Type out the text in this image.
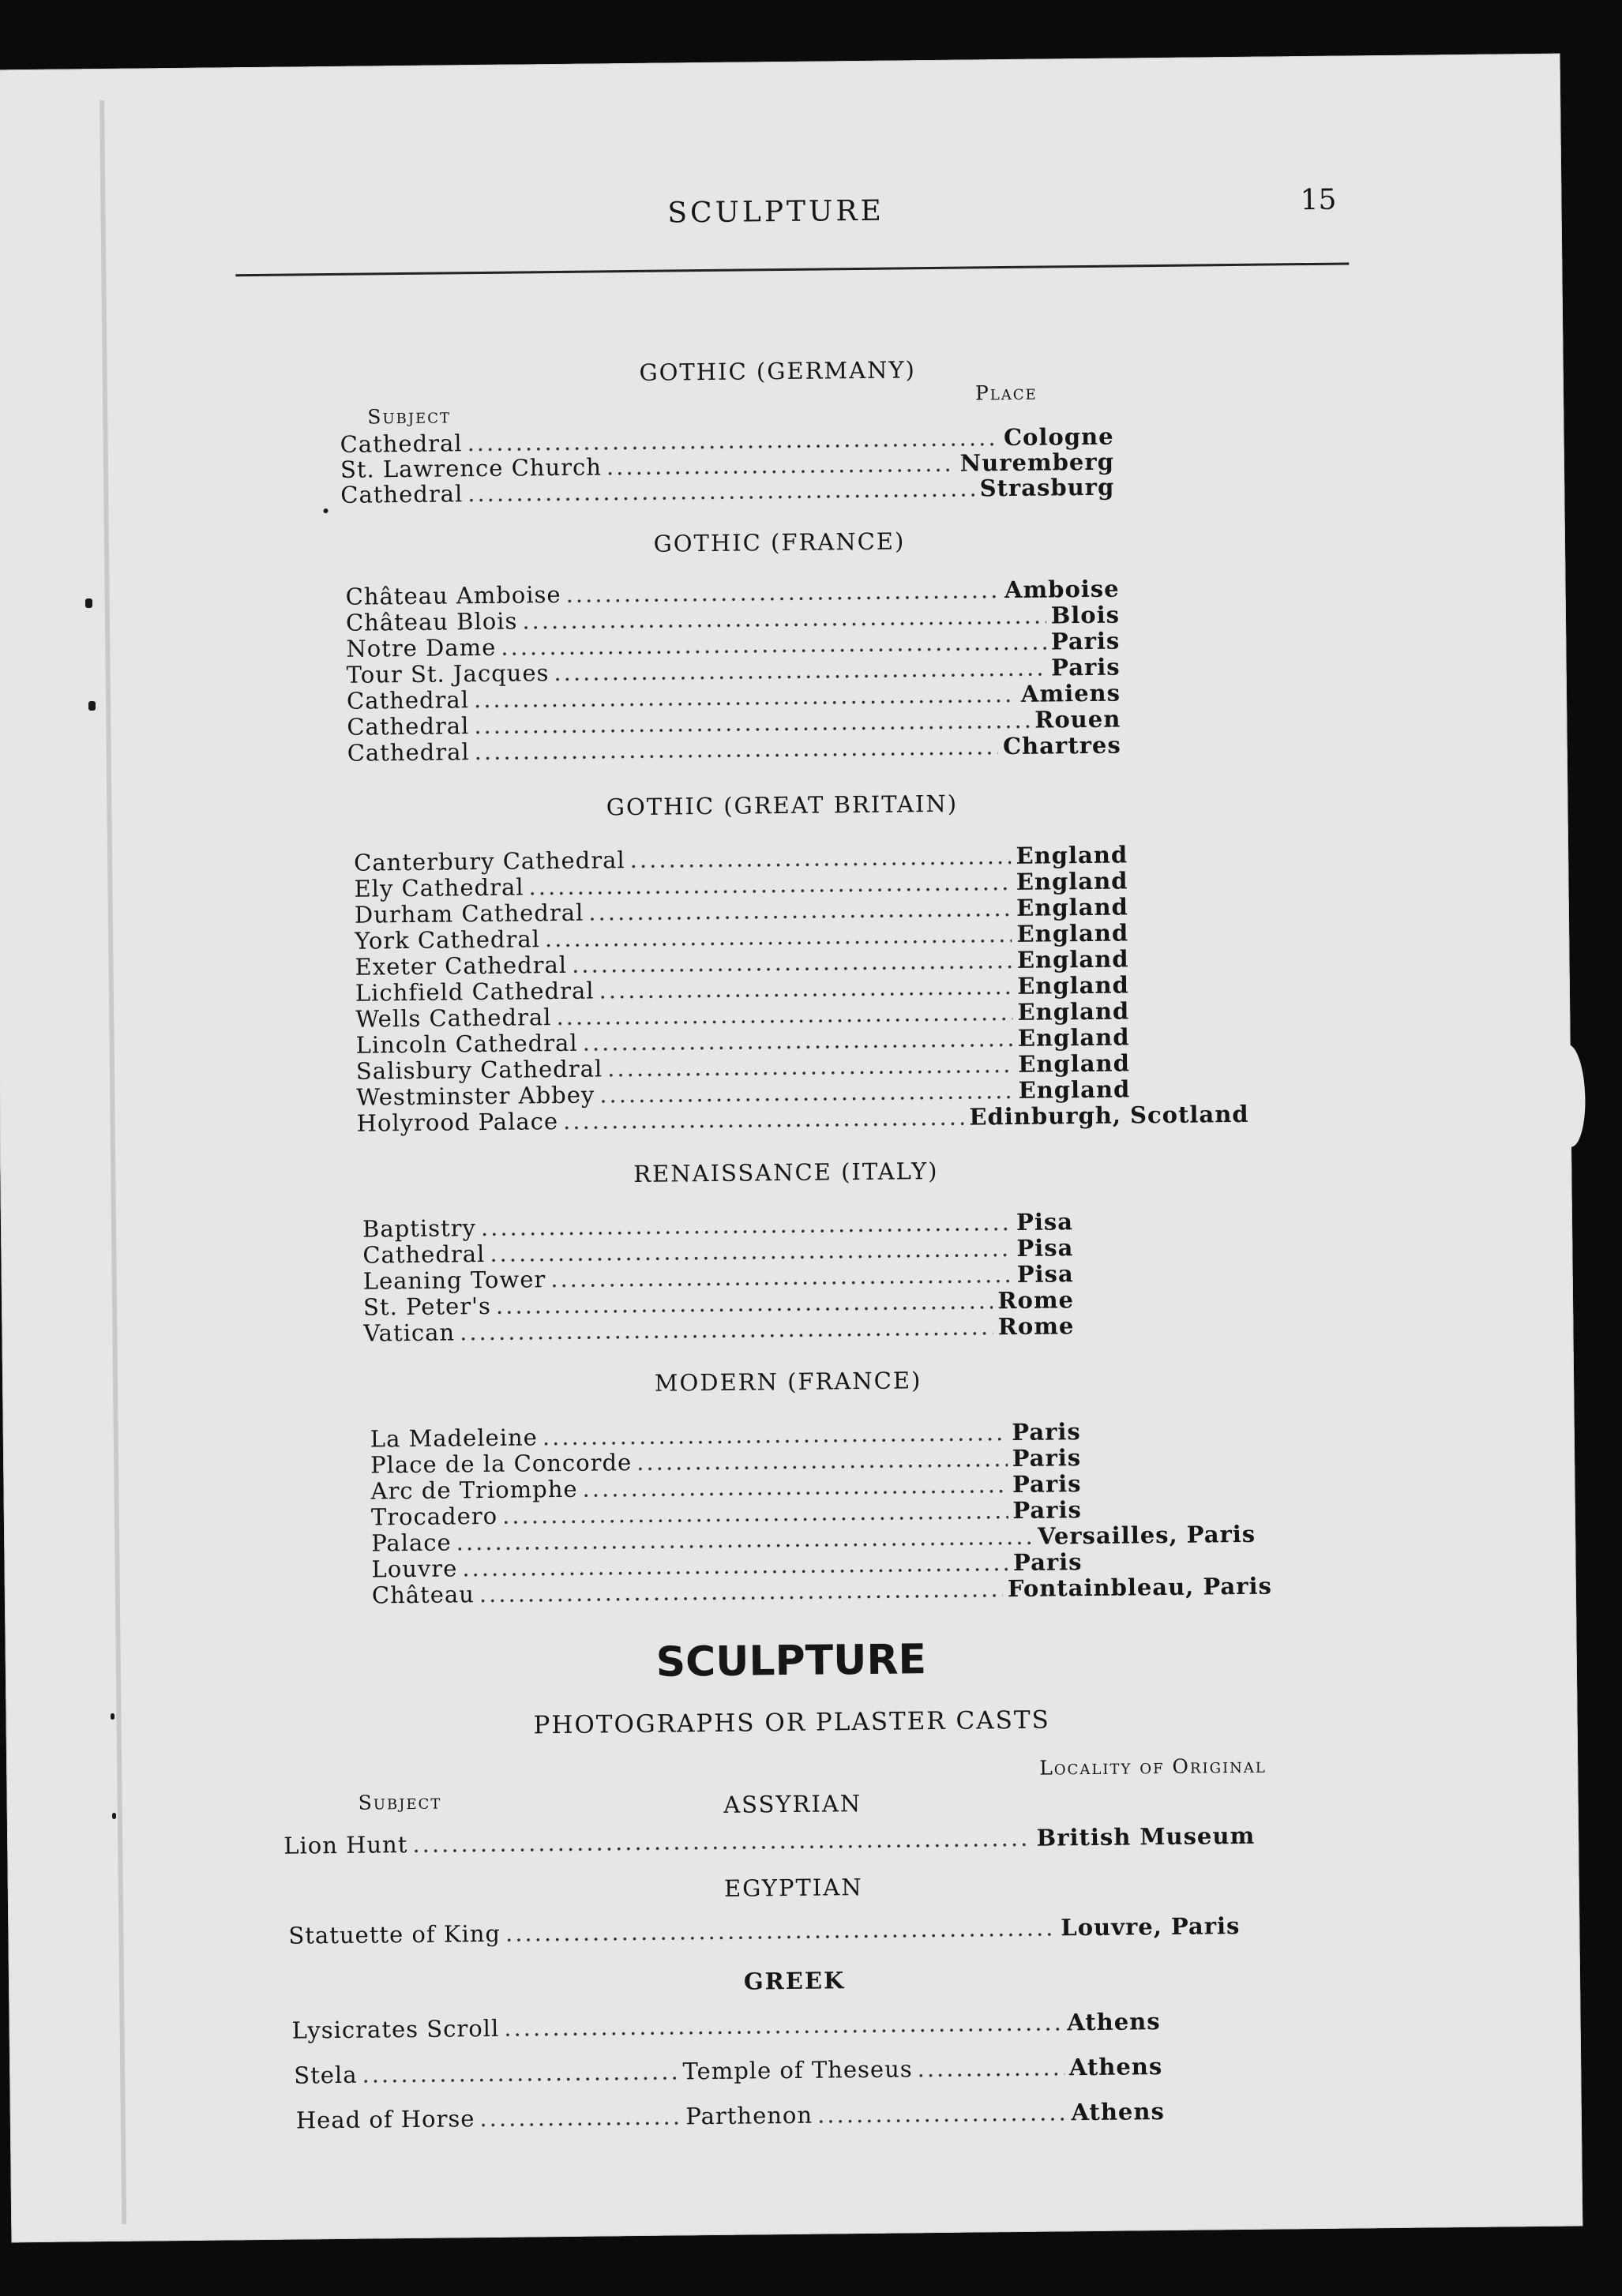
SCULPTURE	15
GOTHIC (GERMANY)
Subject
Place
Cathedral .....	Cologne
St. Lawrence Church .....	Nuremberg
Cathedral .....	Strasburg
GOTHIC (FRANCE)
Château Amboise .....	Amboise
Château Blois .....	Blois
Notre Dame .....	Paris
Tour St. Jacques .....	Paris
Cathedral .....	Amiens
Cathedral .....	Rouen
Cathedral .....	Chartres
GOTHIC (GREAT BRITAIN)
Canterbury Cathedral .....	England
Ely Cathedral .....	England
Durham Cathedral .....	England
York Cathedral .....	England
Exeter Cathedral .....	England
Lichfield Cathedral .....	England
Wells Cathedral .....	England
Lincoln Cathedral .....	England
Salisbury Cathedral .....	England
Westminster Abbey .....	England
Holyrood Palace .....	Edinburgh, Scotland
RENAISSANCE (ITALY)
Baptistry .....	Pisa
Cathedral .....	Pisa
Leaning Tower .....	Pisa
St. Peter's .....	Rome
Vatican .....	Rome
MODERN (FRANCE)
La Madeleine .....	Paris
Place de la Concorde .....	Paris
Arc de Triomphe .....	Paris
Trocadero .....	Paris
Palace .....	Versailles, Paris
Louvre .....	Paris
Château .....	Fontainbleau, Paris
SCULPTURE
PHOTOGRAPHS OR PLASTER CASTS
Locality of Original
Subject	ASSYRIAN
Lion Hunt .....	British Museum
EGYPTIAN
Statuette of King .....	Louvre, Paris
GREEK
Lysicrates Scroll .....	Athens
Stela .....	Temple of Theseus .....	Athens
Head of Horse .....	Parthenon .....	Athens
